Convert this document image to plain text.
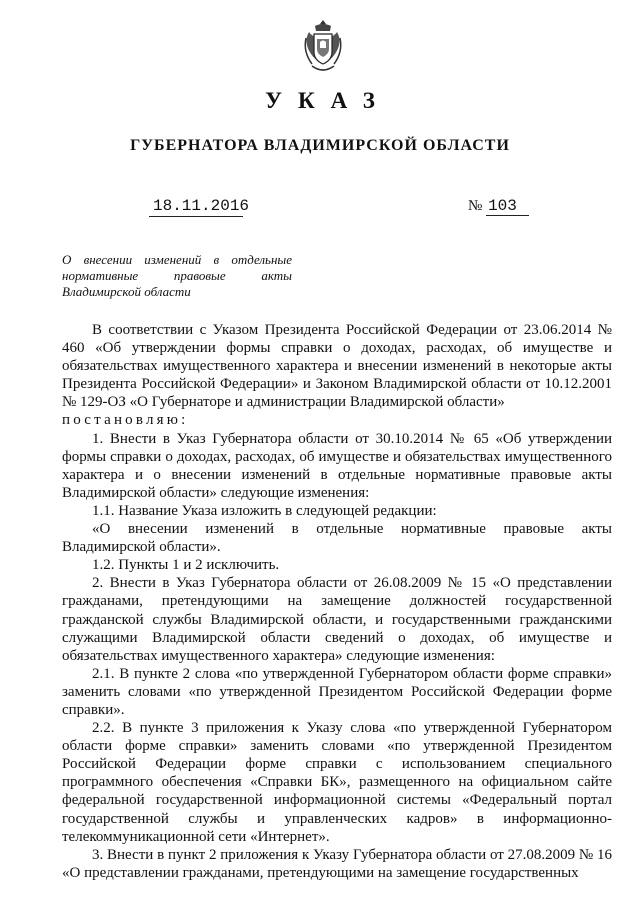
УКАЗ
ГУБЕРНАТОРА ВЛАДИМИРСКОЙ ОБЛАСТИ
18.11.2016	№ 103
О внесении изменений в отдельные
нормативные правовые акты
Владимирской области

В соответствии с Указом Президента Российской Федерации от 23.06.2014 № 460 «Об утверждении формы справки о доходах, расходах, об имуществе и обязательствах имущественного характера и внесении изменений в некоторые акты Президента Российской Федерации» и Законом Владимирской области от 10.12.2001 № 129-ОЗ «О Губернаторе и администрации Владимирской области»

постановляю:

1. Внести в Указ Губернатора области от 30.10.2014 № 65 «Об утверждении формы справки о доходах, расходах, об имуществе и обязательствах имущественного характера и о внесении изменений в отдельные нормативные правовые акты Владимирской области» следующие изменения:

1.1. Название Указа изложить в следующей редакции:

«О внесении изменений в отдельные нормативные правовые акты Владимирской области».

1.2. Пункты 1 и 2 исключить.

2. Внести в Указ Губернатора области от 26.08.2009 № 15 «О представлении гражданами, претендующими на замещение должностей государственной гражданской службы Владимирской области, и государственными гражданскими служащими Владимирской области сведений о доходах, об имуществе и обязательствах имущественного характера» следующие изменения:

2.1. В пункте 2 слова «по утвержденной Губернатором области форме справки» заменить словами «по утвержденной Президентом Российской Федерации форме справки».

2.2. В пункте 3 приложения к Указу слова «по утвержденной Губернатором области форме справки» заменить словами «по утвержденной Президентом Российской Федерации форме справки с использованием специального программного обеспечения «Справки БК», размещенного на официальном сайте федеральной государственной информационной системы «Федеральный портал государственной службы и управленческих кадров» в информационно-телекоммуникационной сети «Интернет».

3. Внести в пункт 2 приложения к Указу Губернатора области от 27.08.2009 № 16 «О представлении гражданами, претендующими на замещение государственных
